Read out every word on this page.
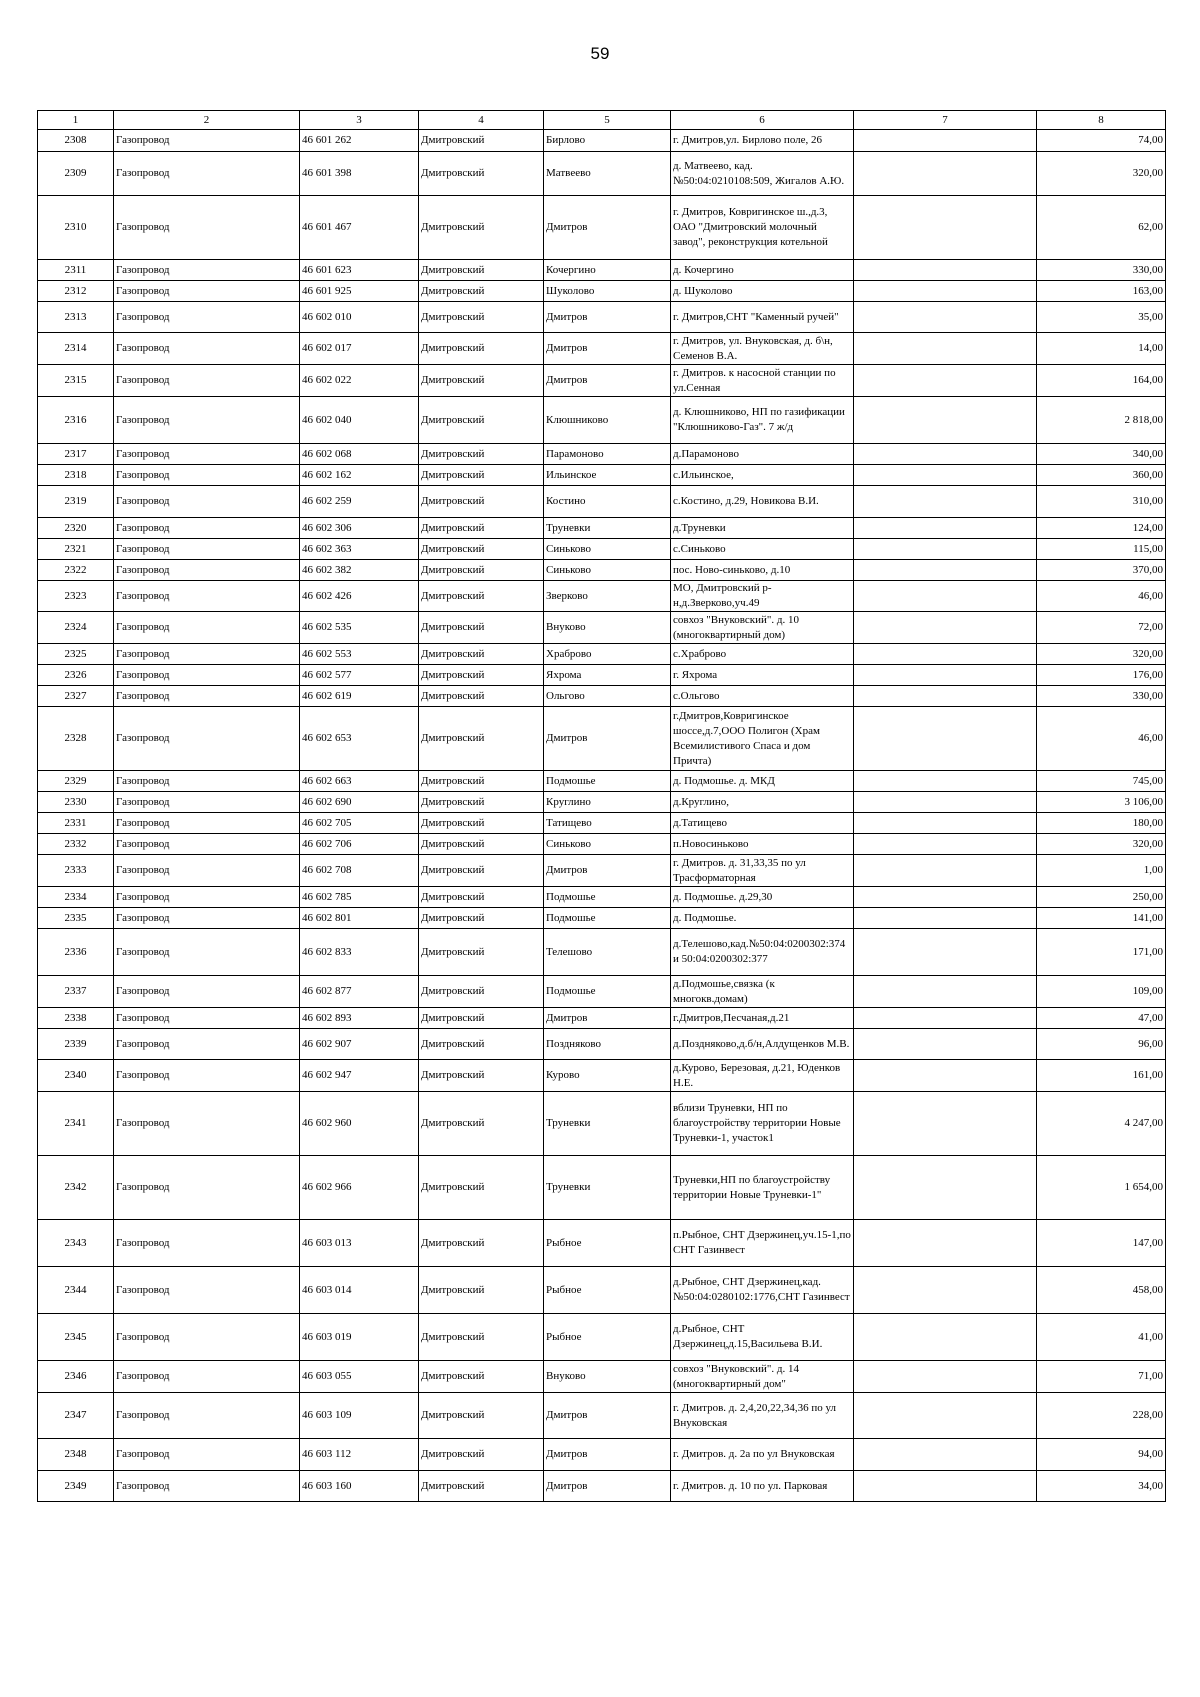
59
1	2	3	4	5	6	7	8
2308	Газопровод	46 601 262	Дмитровский	Бирлово	г. Дмитров,ул. Бирлово поле, 26		74,00
2309	Газопровод	46 601 398	Дмитровский	Матвеево	д. Матвеево, кад.№50:04:0210108:509, Жигалов А.Ю.		320,00
2310	Газопровод	46 601 467	Дмитровский	Дмитров	г. Дмитров, Ковригинское ш.,д.3, ОАО "Дмитровский молочный завод", реконструкция котельной		62,00
2311	Газопровод	46 601 623	Дмитровский	Кочергино	д. Кочергино		330,00
2312	Газопровод	46 601 925	Дмитровский	Шуколово	д. Шуколово		163,00
2313	Газопровод	46 602 010	Дмитровский	Дмитров	г. Дмитров,СНТ "Каменный ручей"		35,00
2314	Газопровод	46 602 017	Дмитровский	Дмитров	г. Дмитров, ул. Внуковская, д. б\н, Семенов В.А.		14,00
2315	Газопровод	46 602 022	Дмитровский	Дмитров	г. Дмитров. к насосной станции по ул.Сенная		164,00
2316	Газопровод	46 602 040	Дмитровский	Клюшниково	д. Клюшниково, НП по газификации "Клюшниково-Газ". 7 ж/д		2 818,00
2317	Газопровод	46 602 068	Дмитровский	Парамоново	д.Парамоново		340,00
2318	Газопровод	46 602 162	Дмитровский	Ильинское	с.Ильинское,		360,00
2319	Газопровод	46 602 259	Дмитровский	Костино	с.Костино, д.29, Новикова В.И.		310,00
2320	Газопровод	46 602 306	Дмитровский	Труневки	д.Труневки		124,00
2321	Газопровод	46 602 363	Дмитровский	Синьково	с.Синьково		115,00
2322	Газопровод	46 602 382	Дмитровский	Синьково	пос. Ново-синьково, д.10		370,00
2323	Газопровод	46 602 426	Дмитровский	Зверково	МО, Дмитровский р-н,д.Зверково,уч.49		46,00
2324	Газопровод	46 602 535	Дмитровский	Внуково	совхоз "Внуковский". д. 10 (многоквартирный дом)		72,00
2325	Газопровод	46 602 553	Дмитровский	Храброво	с.Храброво		320,00
2326	Газопровод	46 602 577	Дмитровский	Яхрома	г. Яхрома		176,00
2327	Газопровод	46 602 619	Дмитровский	Ольгово	с.Ольгово		330,00
2328	Газопровод	46 602 653	Дмитровский	Дмитров	г.Дмитров,Ковригинское шоссе,д.7,ООО Полигон (Храм Всемилистивого Спаса и дом Причта)		46,00
2329	Газопровод	46 602 663	Дмитровский	Подмошье	д. Подмошье. д. МКД		745,00
2330	Газопровод	46 602 690	Дмитровский	Круглино	д.Круглино,		3 106,00
2331	Газопровод	46 602 705	Дмитровский	Татищево	д.Татищево		180,00
2332	Газопровод	46 602 706	Дмитровский	Синьково	п.Новосиньково		320,00
2333	Газопровод	46 602 708	Дмитровский	Дмитров	г. Дмитров. д. 31,33,35 по ул Трасформаторная		1,00
2334	Газопровод	46 602 785	Дмитровский	Подмошье	д. Подмошье. д.29,30		250,00
2335	Газопровод	46 602 801	Дмитровский	Подмошье	д. Подмошье.		141,00
2336	Газопровод	46 602 833	Дмитровский	Телешово	д.Телешово,кад.№50:04:0200302:374 и 50:04:0200302:377		171,00
2337	Газопровод	46 602 877	Дмитровский	Подмошье	д.Подмошье,связка (к многокв.домам)		109,00
2338	Газопровод	46 602 893	Дмитровский	Дмитров	г.Дмитров,Песчаная,д.21		47,00
2339	Газопровод	46 602 907	Дмитровский	Поздняково	д.Поздняково,д.б/н,Алдущенков М.В.		96,00
2340	Газопровод	46 602 947	Дмитровский	Курово	д.Курово, Березовая, д.21, Юденков Н.Е.		161,00
2341	Газопровод	46 602 960	Дмитровский	Труневки	вблизи Труневки, НП по благоустройству территории Новые Труневки-1, участок1		4 247,00
2342	Газопровод	46 602 966	Дмитровский	Труневки	Труневки,НП по благоустройству территории Новые Труневки-1"		1 654,00
2343	Газопровод	46 603 013	Дмитровский	Рыбное	п.Рыбное, СНТ Дзержинец,уч.15-1,по СНТ Газинвест		147,00
2344	Газопровод	46 603 014	Дмитровский	Рыбное	д.Рыбное, СНТ Дзержинец,кад.№50:04:0280102:1776,СНТ Газинвест		458,00
2345	Газопровод	46 603 019	Дмитровский	Рыбное	д.Рыбное, СНТ Дзержинец,д.15,Васильева В.И.		41,00
2346	Газопровод	46 603 055	Дмитровский	Внуково	совхоз "Внуковский". д. 14 (многоквартирный дом"		71,00
2347	Газопровод	46 603 109	Дмитровский	Дмитров	г. Дмитров. д. 2,4,20,22,34,36 по ул Внуковская		228,00
2348	Газопровод	46 603 112	Дмитровский	Дмитров	г. Дмитров. д. 2а по ул Внуковская		94,00
2349	Газопровод	46 603 160	Дмитровский	Дмитров	г. Дмитров. д. 10 по ул. Парковая		34,00
